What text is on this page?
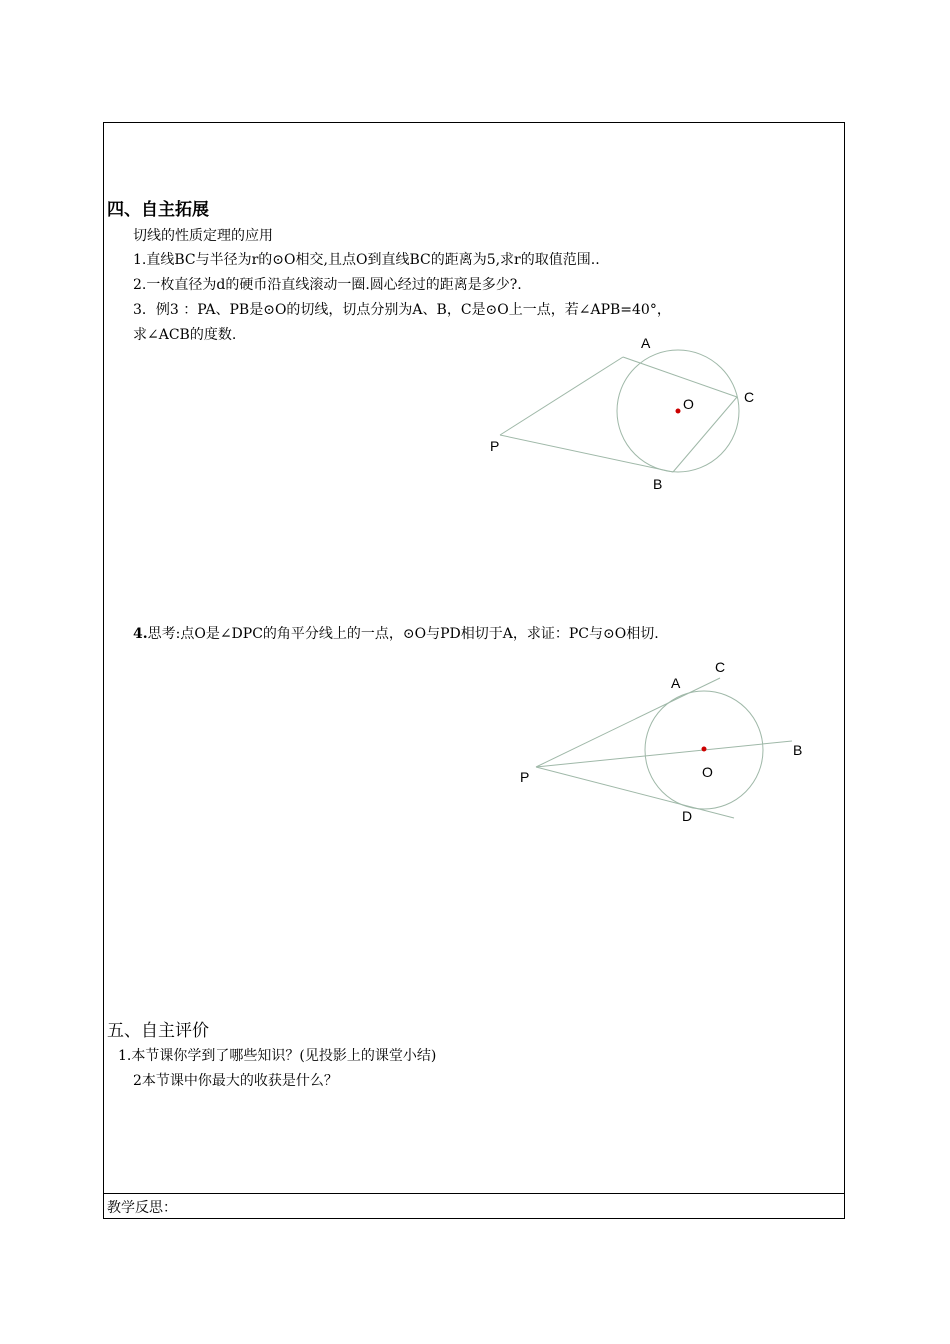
四、自主拓展
切线的性质定理的应用
1.直线BC与半径为r的⊙O相交,且点O到直线BC的距离为5,求r的取值范围..
2.一枚直径为d的硬币沿直线滚动一圈.圆心经过的距离是多少?.
3．例3 ：PA、PB是⊙O的切线，切点分别为A、B，C是⊙O上一点，若∠APB=40°，
求∠ACB的度数.	A
C
O
P
B
4.思考:点O是∠DPC的角平分线上的一点，⊙O与PD相切于A，求证：PC与⊙O相切.
C
A
B
O
P
D
五、自主评价
1.本节课你学到了哪些知识？(见投影上的课堂小结)
2本节课中你最大的收获是什么？
教学反思：
